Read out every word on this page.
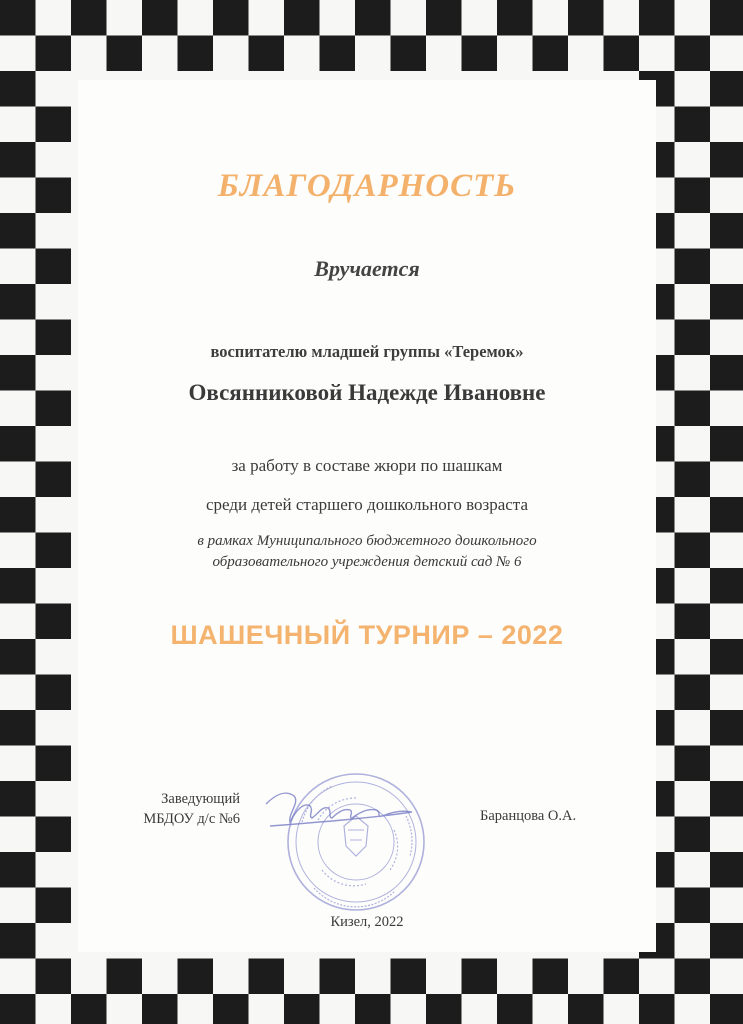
БЛАГОДАРНОСТЬ
Вручается
воспитателю младшей группы «Теремок»
Овсянниковой Надежде Ивановне
за работу в составе жюри по шашкам
среди детей старшего дошкольного возраста
в рамках Муниципального бюджетного дошкольного
образовательного учреждения детский сад № 6
ШАШЕЧНЫЙ ТУРНИР – 2022
Заведующий
МБДОУ д/с №6	Баранцова О.А.
Кизел, 2022
